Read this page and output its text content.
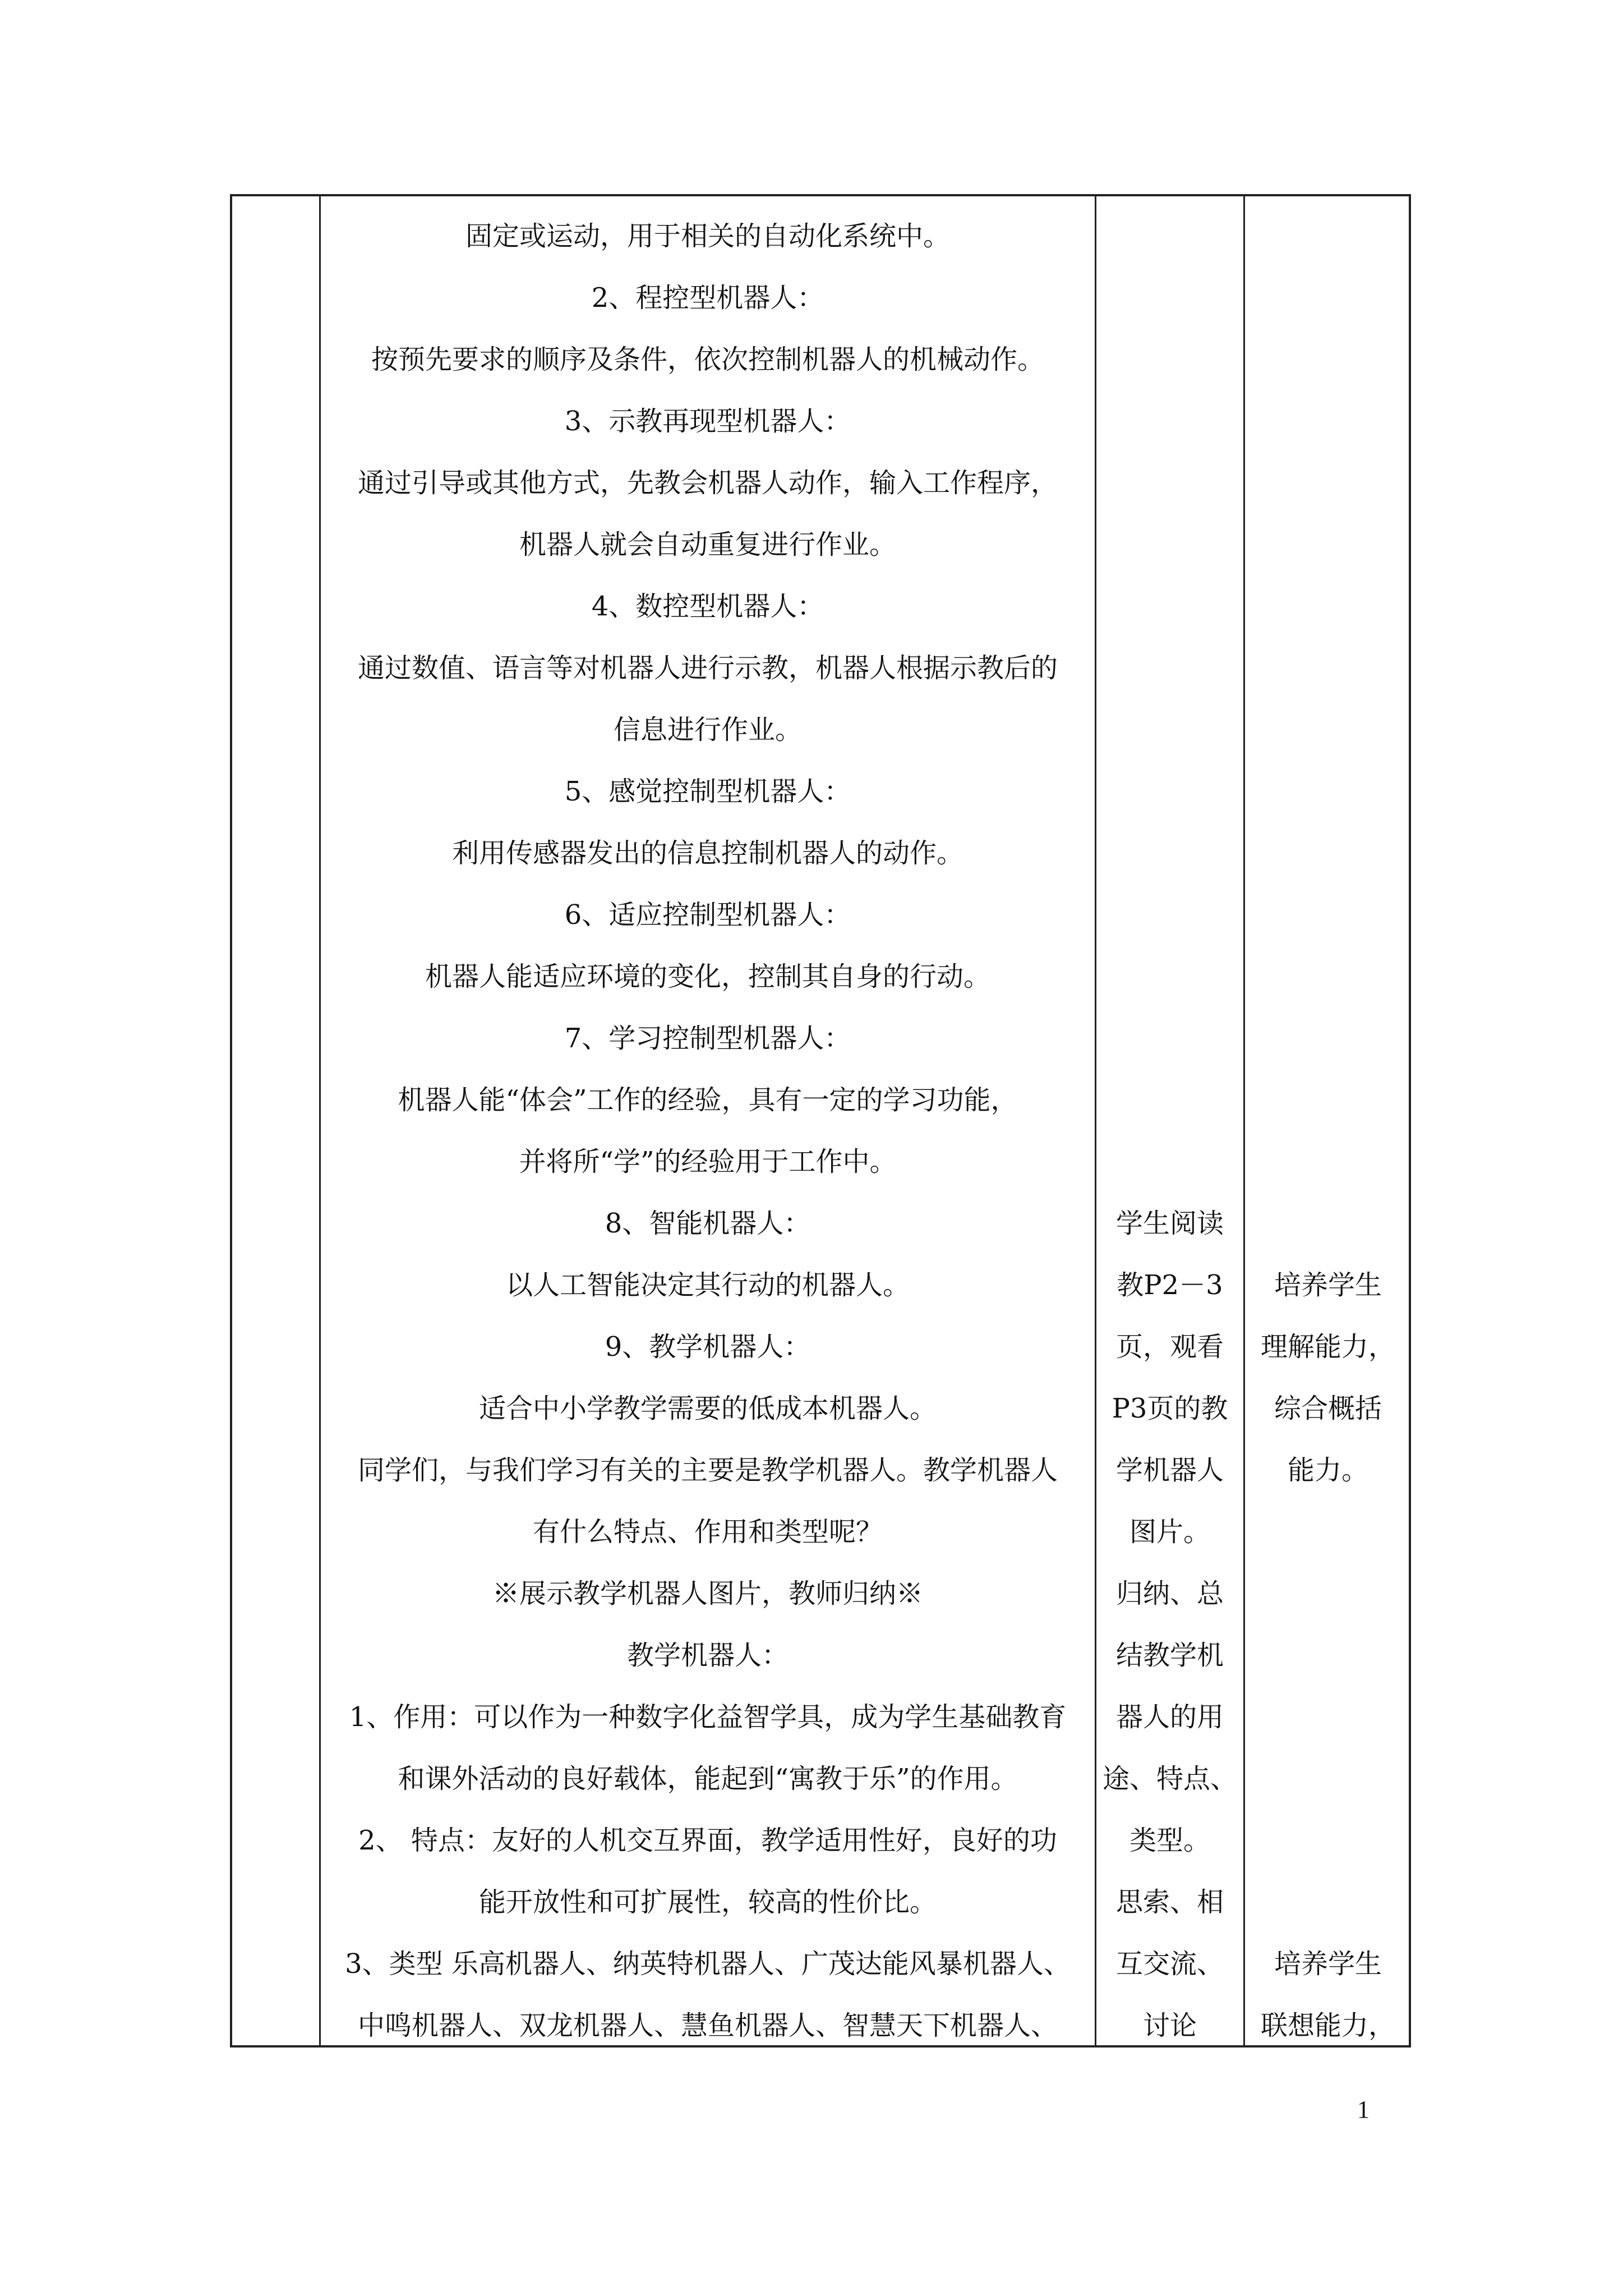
固定或运动，用于相关的自动化系统中。
2、程控型机器人：
按预先要求的顺序及条件，依次控制机器人的机械动作。
3、示教再现型机器人：
通过引导或其他方式，先教会机器人动作，输入工作程序，
机器人就会自动重复进行作业。
4、数控型机器人：
通过数值、语言等对机器人进行示教，机器人根据示教后的
信息进行作业。
5、感觉控制型机器人：
利用传感器发出的信息控制机器人的动作。
6、适应控制型机器人：
机器人能适应环境的变化，控制其自身的行动。
7、学习控制型机器人：
机器人能“体会”工作的经验，具有一定的学习功能，
并将所“学”的经验用于工作中。
8、智能机器人：
以人工智能决定其行动的机器人。
9、教学机器人：
适合中小学教学需要的低成本机器人。
同学们，与我们学习有关的主要是教学机器人。教学机器人
有什么特点、作用和类型呢？
※展示教学机器人图片，教师归纳※
教学机器人：
1、作用：可以作为一种数字化益智学具，成为学生基础教育
和课外活动的良好载体，能起到“寓教于乐”的作用。
2、 特点：友好的人机交互界面，教学适用性好，良好的功
能开放性和可扩展性，较高的性价比。
3、类型 乐高机器人、纳英特机器人、广茂达能风暴机器人、
中鸣机器人、双龙机器人、慧鱼机器人、智慧天下机器人、
学生阅读
教P2－3
页，观看
P3页的教
学机器人
图片。
归纳、总
结教学机
器人的用
途、特点、
类型。
思索、相
互交流、
讨论
培养学生
理解能力，
综合概括
能力。
培养学生
联想能力，
1
